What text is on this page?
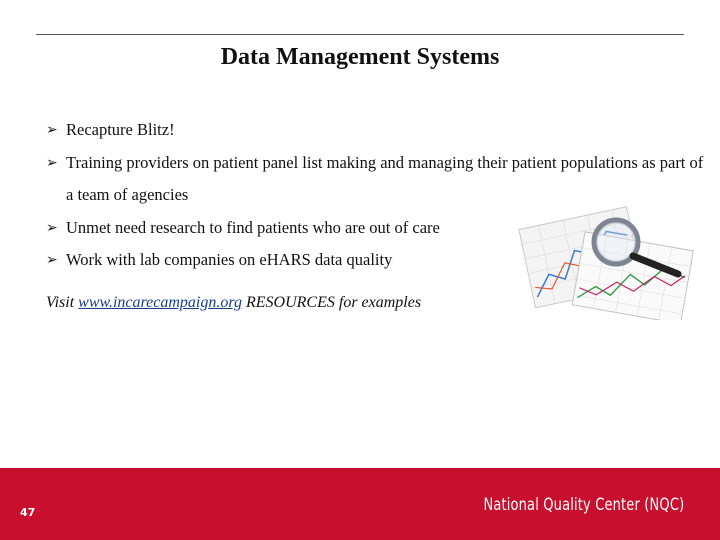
Data Management Systems
➢ Recapture Blitz!
➢ Training providers on patient panel list making and managing their patient populations as part of a team of agencies
➢ Unmet need research to find patients who are out of care
➢ Work with lab companies on eHARS data quality
Visit www.incarecampaign.org RESOURCES for examples
47	National Quality Center (NQC)
